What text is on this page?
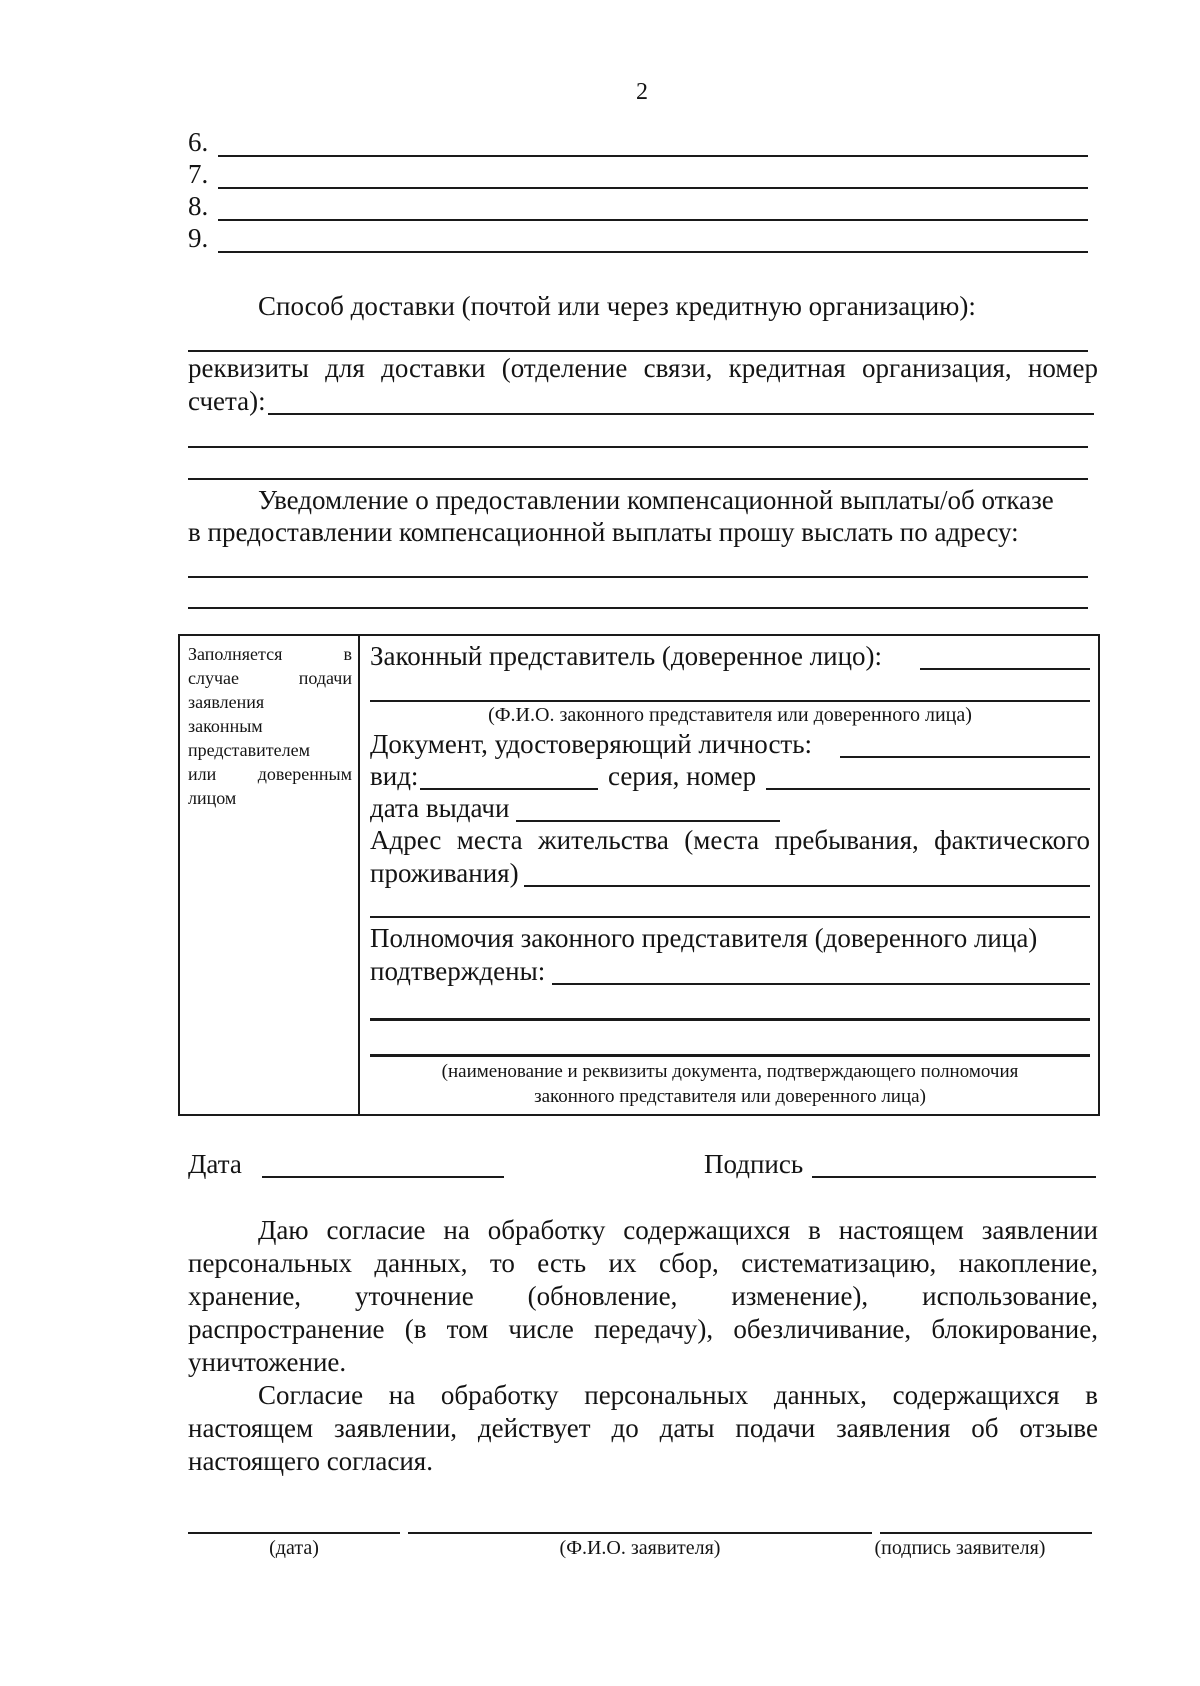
2
6.
7.
8.
9.
Способ доставки (почтой или через кредитную организацию):
реквизиты для доставки (отделение связи, кредитная организация, номер
счета):
Уведомление о предоставлении компенсационной выплаты/об отказе
в предоставлении компенсационной выплаты прошу выслать по адресу:
Заполняется в
случае подачи
заявления
законным
представителем
или доверенным
лицом
Законный представитель (доверенное лицо):
(Ф.И.О. законного представителя или доверенного лица)
Документ, удостоверяющий личность:
вид:	серия, номер
дата выдачи
Адрес места жительства (места пребывания, фактического
проживания)
Полномочия законного представителя (доверенного лица)
подтверждены:
(наименование и реквизиты документа, подтверждающего полномочия
законного представителя или доверенного лица)
Дата	Подпись
Даю согласие на обработку содержащихся в настоящем заявлении
персональных данных, то есть их сбор, систематизацию, накопление,
хранение, уточнение (обновление, изменение), использование,
распространение (в том числе передачу), обезличивание, блокирование,
уничтожение.
Согласие на обработку персональных данных, содержащихся в
настоящем заявлении, действует до даты подачи заявления об отзыве
настоящего согласия.
(дата)	(Ф.И.О. заявителя)	(подпись заявителя)
